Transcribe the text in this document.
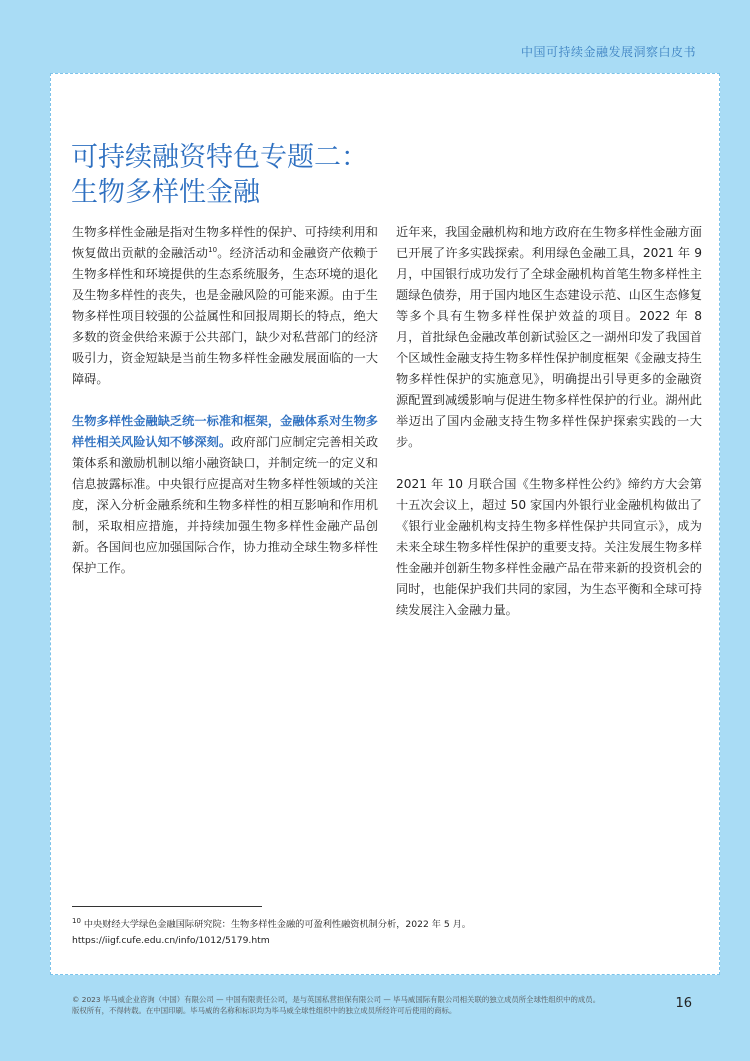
中国可持续金融发展洞察白皮书
可持续融资特色专题二：
生物多样性金融

生物多样性金融是指对生物多样性的保护、可持续利用和恢复做出贡献的金融活动$^{10}$。经济活动和金融资产依赖于生物多样性和环境提供的生态系统服务，生态环境的退化及生物多样性的丧失，也是金融风险的可能来源。由于生物多样性项目较强的公益属性和回报周期长的特点，绝大多数的资金供给来源于公共部门，缺少对私营部门的经济吸引力，资金短缺是当前生物多样性金融发展面临的一大障碍。

生物多样性金融缺乏统一标准和框架，金融体系对生物多样性相关风险认知不够深刻。政府部门应制定完善相关政策体系和激励机制以缩小融资缺口，并制定统一的定义和信息披露标准。中央银行应提高对生物多样性领域的关注度，深入分析金融系统和生物多样性的相互影响和作用机制，采取相应措施，并持续加强生物多样性金融产品创新。各国间也应加强国际合作，协力推动全球生物多样性保护工作。

近年来，我国金融机构和地方政府在生物多样性金融方面已开展了许多实践探索。利用绿色金融工具，2021 年 9 月，中国银行成功发行了全球金融机构首笔生物多样性主题绿色债券，用于国内地区生态建设示范、山区生态修复等多个具有生物多样性保护效益的项目。2022 年 8 月，首批绿色金融改革创新试验区之一湖州印发了我国首个区域性金融支持生物多样性保护制度框架《金融支持生物多样性保护的实施意见》，明确提出引导更多的金融资源配置到减缓影响与促进生物多样性保护的行业。湖州此举迈出了国内金融支持生物多样性保护探索实践的一大步。

2021 年 10 月联合国《生物多样性公约》缔约方大会第十五次会议上，超过 50 家国内外银行业金融机构做出了《银行业金融机构支持生物多样性保护共同宣示》，成为未来全球生物多样性保护的重要支持。关注发展生物多样性金融并创新生物多样性金融产品在带来新的投资机会的同时，也能保护我们共同的家园，为生态平衡和全球可持续发展注入金融力量。

$^{10}$ 中央财经大学绿色金融国际研究院：生物多样性金融的可盈利性融资机制分析，2022 年 5 月。
https://iigf.cufe.edu.cn/info/1012/5179.htm
© 2023 毕马威企业咨询（中国）有限公司 — 中国有限责任公司，是与英国私营担保有限公司 — 毕马威国际有限公司相关联的独立成员所全球性组织中的成员。
版权所有，不得转载。在中国印刷。毕马威的名称和标识均为毕马威全球性组织中的独立成员所经许可后使用的商标。	16
